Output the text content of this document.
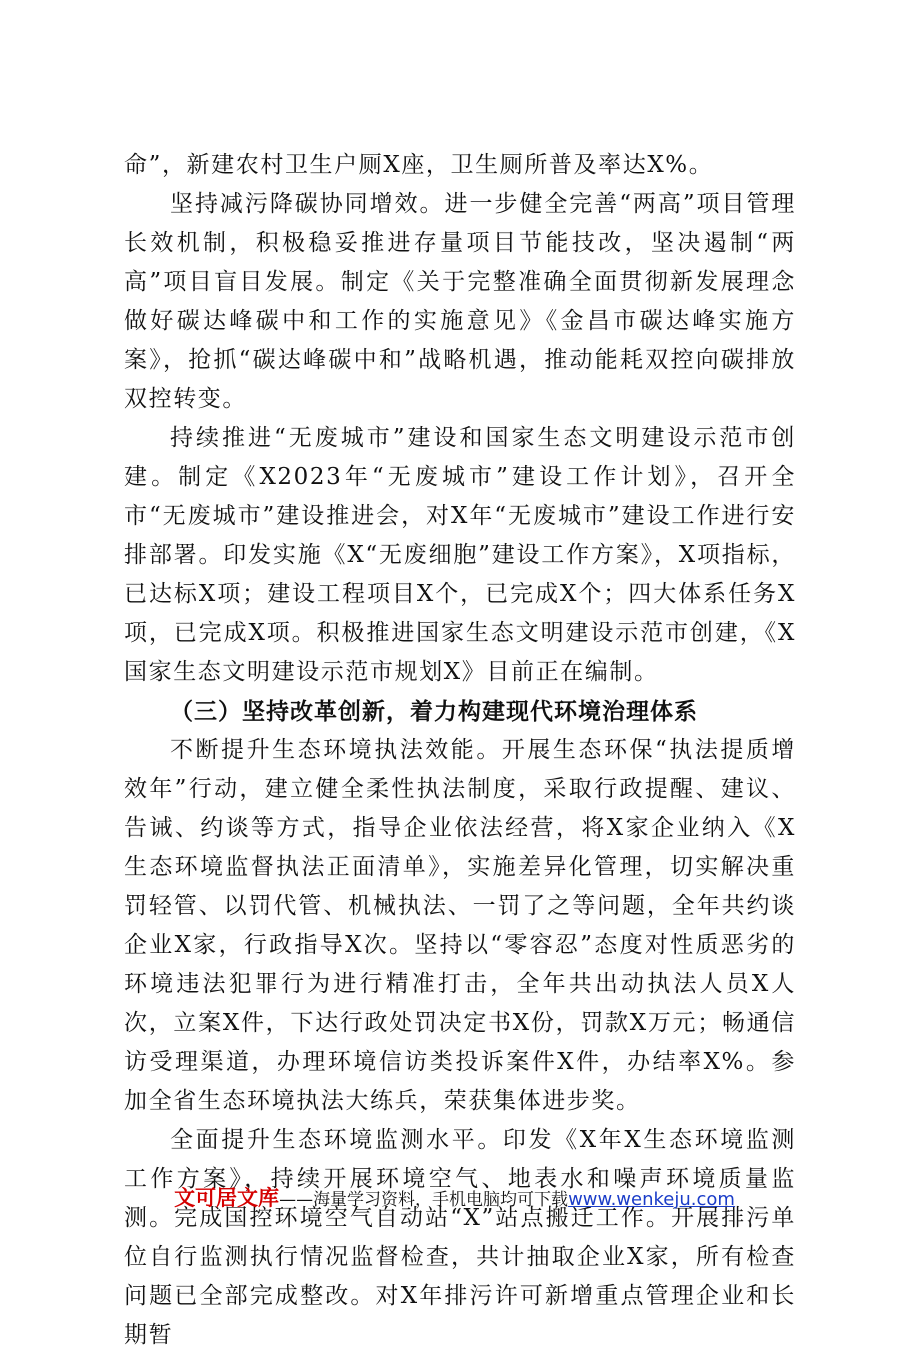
命”，新建农村卫生户厕X座，卫生厕所普及率达X%。

坚持减污降碳协同增效。进一步健全完善“两高”项目管理长效机制，积极稳妥推进存量项目节能技改，坚决遏制“两高”项目盲目发展。制定《关于完整准确全面贯彻新发展理念做好碳达峰碳中和工作的实施意见》《金昌市碳达峰实施方案》，抢抓“碳达峰碳中和”战略机遇，推动能耗双控向碳排放双控转变。

持续推进“无废城市”建设和国家生态文明建设示范市创建。制定《X2023年“无废城市”建设工作计划》，召开全市“无废城市”建设推进会，对X年“无废城市”建设工作进行安排部署。印发实施《X“无废细胞”建设工作方案》，X项指标，已达标X项；建设工程项目X个，已完成X个；四大体系任务X项，已完成X项。积极推进国家生态文明建设示范市创建，《X国家生态文明建设示范市规划X》目前正在编制。

（三）坚持改革创新，着力构建现代环境治理体系

不断提升生态环境执法效能。开展生态环保“执法提质增效年”行动，建立健全柔性执法制度，采取行政提醒、建议、告诫、约谈等方式，指导企业依法经营，将X家企业纳入《X生态环境监督执法正面清单》，实施差异化管理，切实解决重罚轻管、以罚代管、机械执法、一罚了之等问题，全年共约谈企业X家，行政指导X次。坚持以“零容忍”态度对性质恶劣的环境违法犯罪行为进行精准打击，全年共出动执法人员X人次，立案X件，下达行政处罚决定书X份，罚款X万元；畅通信访受理渠道，办理环境信访类投诉案件X件，办结率X%。参加全省生态环境执法大练兵，荣获集体进步奖。

全面提升生态环境监测水平。印发《X年X生态环境监测工作方案》，持续开展环境空气、地表水和噪声环境质量监测。完成国控环境空气自动站“X”站点搬迁工作。开展排污单位自行监测执行情况监督检查，共计抽取企业X家，所有检查问题已全部完成整改。对X年排污许可新增重点管理企业和长期暂

文可居文库——海量学习资料，手机电脑均可下载www.wenkeju.com
